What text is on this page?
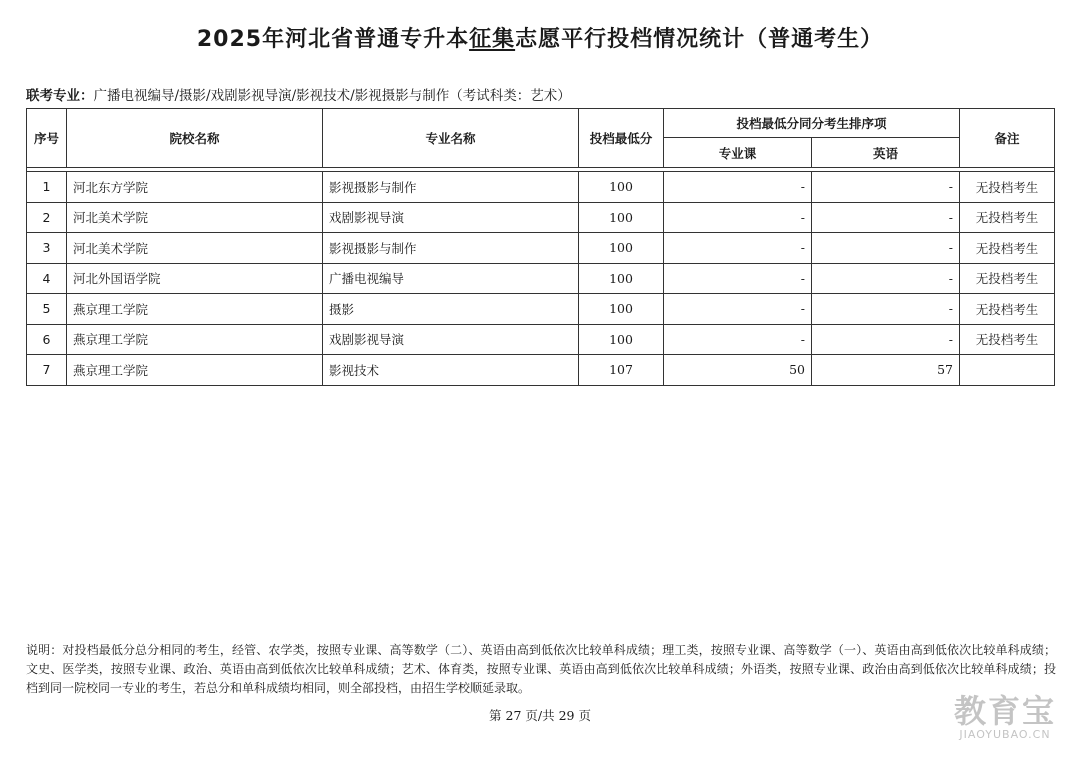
2025年河北省普通专升本征集志愿平行投档情况统计（普通考生）
联考专业：广播电视编导/摄影/戏剧影视导演/影视技术/影视摄影与制作（考试科类：艺术）
序号	院校名称	专业名称	投档最低分	投档最低分同分考生排序项		备注
				专业课	英语	

1	河北东方学院	影视摄影与制作	100	-	-	无投档考生
2	河北美术学院	戏剧影视导演	100	-	-	无投档考生
3	河北美术学院	影视摄影与制作	100	-	-	无投档考生
4	河北外国语学院	广播电视编导	100	-	-	无投档考生
5	燕京理工学院	摄影	100	-	-	无投档考生
6	燕京理工学院	戏剧影视导演	100	-	-	无投档考生
7	燕京理工学院	影视技术	107	50	57	
说明：对投档最低分总分相同的考生，经管、农学类，按照专业课、高等数学（二）、英语由高到低依次比较单科成绩；理工类，按照专业课、高等数学（一）、英语由高到低依次比较单科成绩；文史、医学类，按照专业课、政治、英语由高到低依次比较单科成绩；艺术、体育类，按照专业课、英语由高到低依次比较单科成绩；外语类，按照专业课、政治由高到低依次比较单科成绩；投档到同一院校同一专业的考生，若总分和单科成绩均相同，则全部投档，由招生学校顺延录取。
第 27 页/共 29 页	教育宝
JIAOYUBAO.CN
